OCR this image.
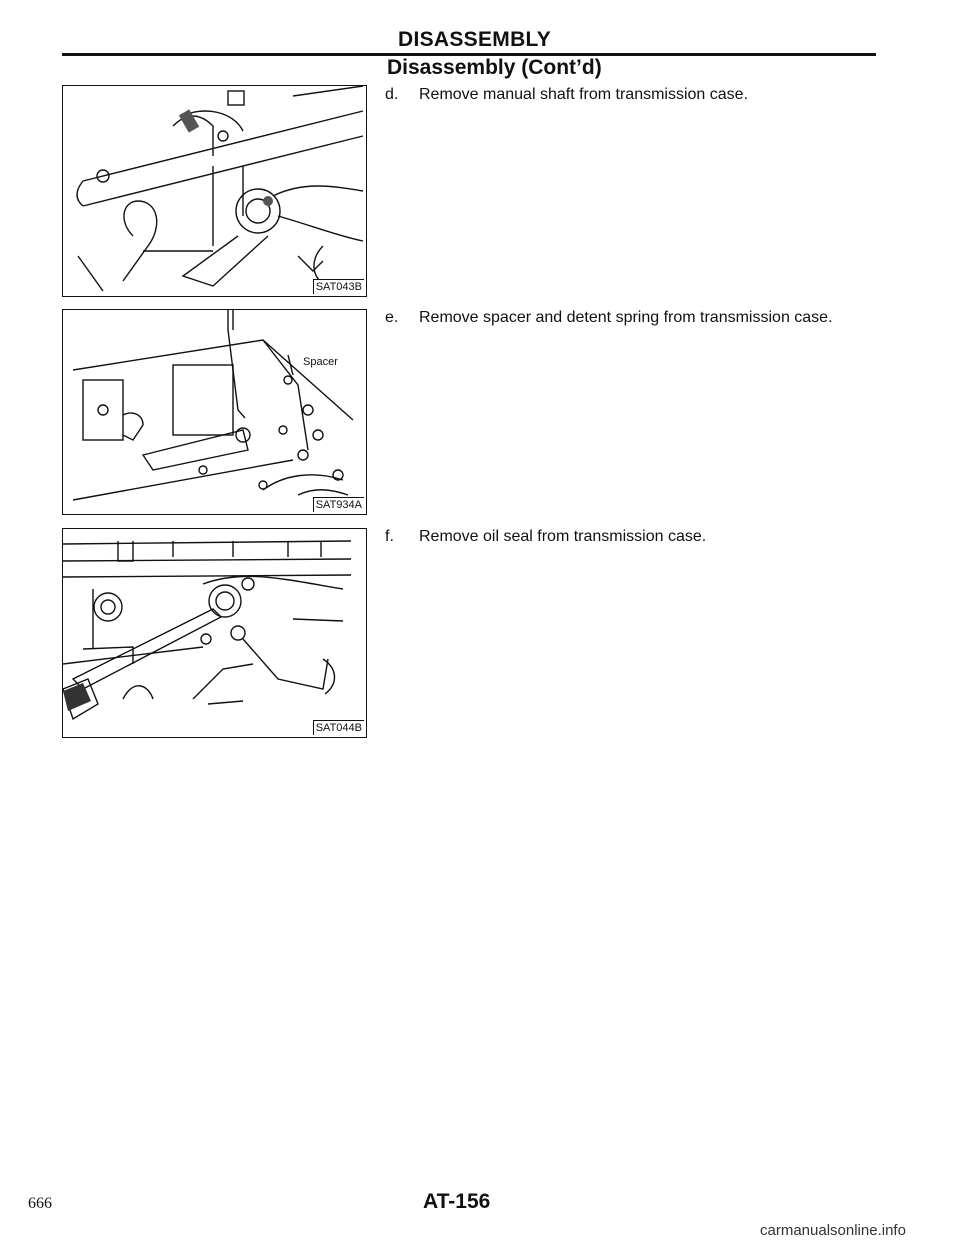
DISASSEMBLY
Disassembly (Cont’d)
SAT043B
Spacer
SAT934A
SAT044B
d.	Remove manual shaft from transmission case.
e.	Remove spacer and detent spring from transmission case.
f.	Remove oil seal from transmission case.
666	AT-156
carmanualsonline.info
